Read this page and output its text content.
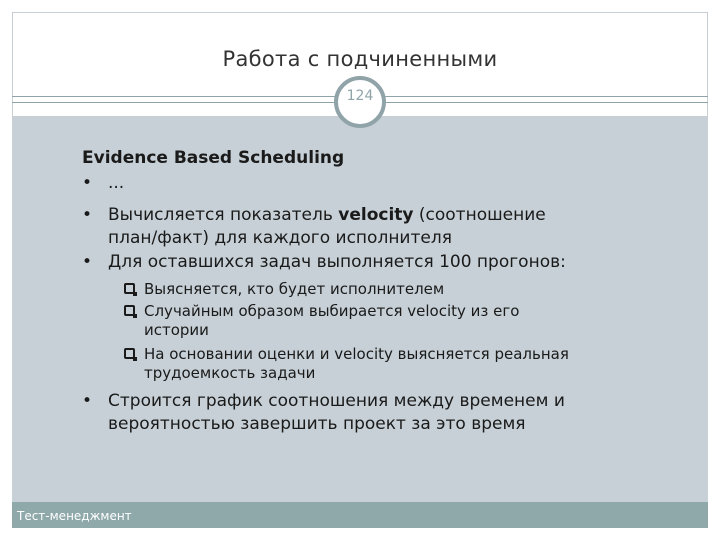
Работа с подчиненными
124
Evidence Based Scheduling
• ...
• Вычисляется показатель velocity (соотношение
план/факт) для каждого исполнителя
• Для оставшихся задач выполняется 100 прогонов:
Выясняется, кто будет исполнителем
Случайным образом выбирается velocity из его
истории
На основании оценки и velocity выясняется реальная
трудоемкость задачи
• Строится график соотношения между временем и
вероятностью завершить проект за это время
Тест-менеджмент
